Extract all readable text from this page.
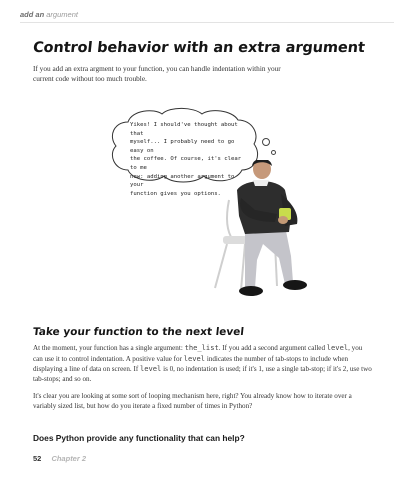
add an argument
Control behavior with an extra argument
If you add an extra argment to your function, you can handle indentation within your current code without too much trouble.
Yikes! I should've thought about that
myself... I probably need to go easy on
the coffee. Of course, it's clear to me
now: adding another argument to your
function gives you options.
Take your function to the next level

At the moment, your function has a single argument: the_list. If you add a second argument called level, you can use it to control indentation. A positive value for level indicates the number of tab-stops to include when displaying a line of data on screen. If level is 0, no indentation is used; if it's 1, use a single tab-stop; if it's 2, use two tab-stops; and so on.

It's clear you are looking at some sort of looping mechanism here, right? You already know how to iterate over a variably sized list, but how do you iterate a fixed number of times in Python?

Does Python provide any functionality that can help?
52 Chapter 2
